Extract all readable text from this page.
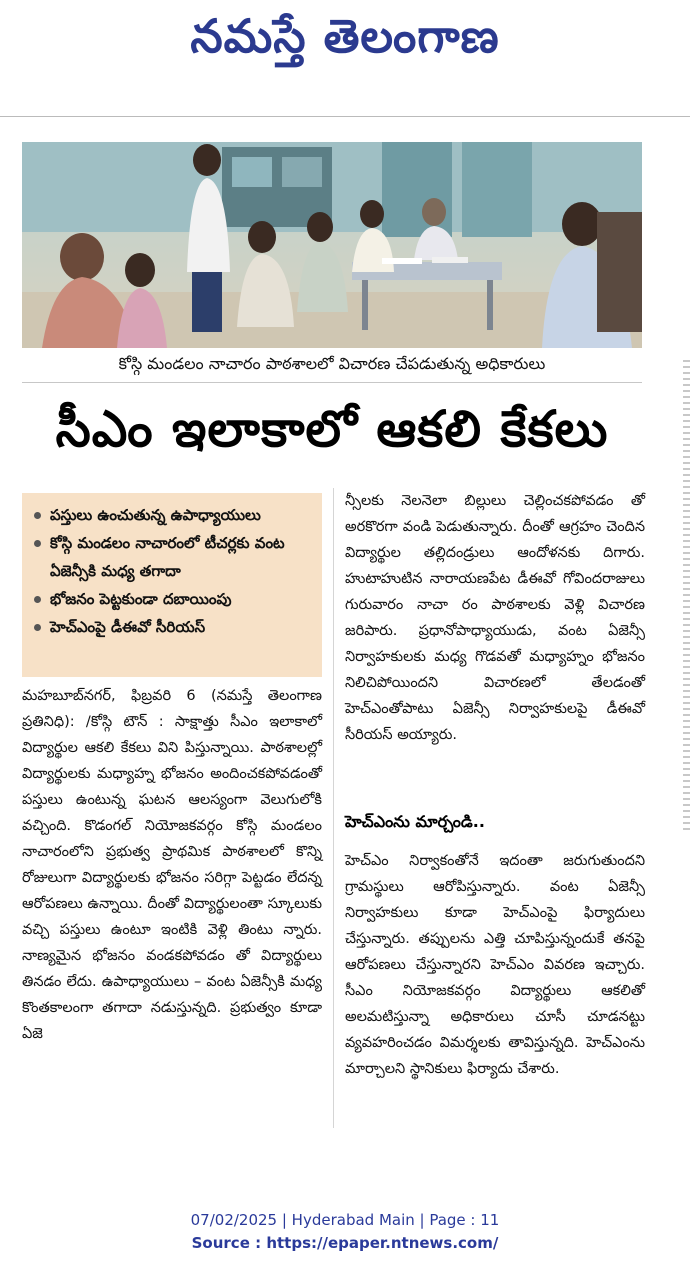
నమస్తే తెలంగాణ
కోస్గి మండలం నాచారం పాఠశాలలో విచారణ చేపడుతున్న అధికారులు
సీఎం ఇలాకాలో ఆకలి కేకలు
పస్తులు ఉంచుతున్న ఉపాధ్యాయులు
కోస్గి మండలం నాచారంలో టీచర్లకు వంట ఏజెన్సీకి మధ్య తగాదా
భోజనం పెట్టకుండా దబాయింపు
హెచ్ఎంపై డీఈవో సీరియస్
మహబూబ్‌నగర్, ఫిబ్రవరి 6 (నమస్తే తెలంగాణ ప్రతినిధి): /కోస్గి టౌన్ : సాక్షాత్తు సీఎం ఇలాకాలో విద్యార్థుల ఆకలి కేకలు విని పిస్తున్నాయి. పాఠశాలల్లో విద్యార్థులకు మధ్యాహ్న భోజనం అందించకపోవడంతో పస్తులు ఉంటున్న ఘటన ఆలస్యంగా వెలుగులోకి వచ్చింది. కొడంగల్ నియోజకవర్గం కోస్గి మండలం నాచారంలోని ప్రభుత్వ ప్రాథమిక పాఠశాలలో కొన్ని రోజులుగా విద్యార్థులకు భోజనం సరిగ్గా పెట్టడం లేదన్న ఆరోపణలు ఉన్నాయి. దీంతో విద్యార్థులంతా స్కూలుకు వచ్చి పస్తులు ఉంటూ ఇంటికి వెళ్లి తింటు న్నారు. నాణ్యమైన భోజనం వండకపోవడం తో విద్యార్థులు తినడం లేదు. ఉపాధ్యాయులు – వంట ఏజెన్సీకి మధ్య కొంతకాలంగా తగాదా నడుస్తున్నది. ప్రభుత్వం కూడా ఏజె
న్సీలకు నెలనెలా బిల్లులు చెల్లించకపోవడం తో అరకొరగా వండి పెడుతున్నారు. దీంతో ఆగ్రహం చెందిన విద్యార్థుల తల్లిదండ్రులు ఆందోళనకు దిగారు. హుటాహుటిన నారాయణపేట డీఈవో గోవిందరాజులు గురువారం నాచా రం పాఠశాలకు వెళ్లి విచారణ జరిపారు. ప్రధానోపాధ్యాయుడు, వంట ఏజెన్సీ నిర్వాహకులకు మధ్య గొడవతో మధ్యాహ్నం భోజనం నిలిచిపోయిందని విచారణలో తేలడంతో హెచ్ఎంతోపాటు ఏజెన్సీ నిర్వాహకులపై డీఈవో సీరియస్ అయ్యారు.
హెచ్ఎంను మార్చండి..
హెచ్ఎం నిర్వాకంతోనే ఇదంతా జరుగుతుందని గ్రామస్థులు ఆరోపిస్తున్నారు. వంట ఏజెన్సీ నిర్వాహకులు కూడా హెచ్ఎంపై ఫిర్యాదులు చేస్తున్నారు. తప్పులను ఎత్తి చూపిస్తున్నందుకే తనపై ఆరోపణలు చేస్తున్నారని హెచ్ఎం వివరణ ఇచ్చారు. సీఎం నియోజకవర్గం విద్యార్థులు ఆకలితో అలమటిస్తున్నా అధికారులు చూసీ చూడనట్టు వ్యవహరించడం విమర్శలకు తావిస్తున్నది. హెచ్ఎంను మార్చాలని స్థానికులు ఫిర్యాదు చేశారు.
07/02/2025 | Hyderabad Main | Page : 11
Source : https://epaper.ntnews.com/
